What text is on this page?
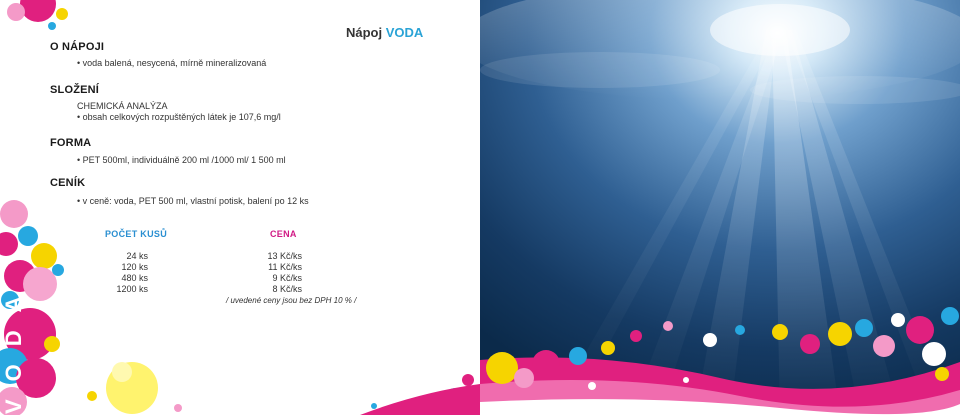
VODA
Nápoj VODA
O NÁPOJI
• voda balená, nesycená, mírně mineralizovaná
SLOŽENÍ
CHEMICKÁ ANALÝZA
• obsah celkových rozpuštěných látek je 107,6 mg/l
FORMA
• PET 500ml, individuálně 200 ml /1000 ml/ 1 500 ml
CENÍK
• v ceně: voda, PET 500 ml, vlastní potisk, balení po 12 ks
POČET KUSŮ	CENA
24 ks	13 Kč/ks
120 ks	11 Kč/ks
480 ks	9 Kč/ks
1200 ks	8 Kč/ks
/ uvedené ceny jsou bez DPH 10 % /
